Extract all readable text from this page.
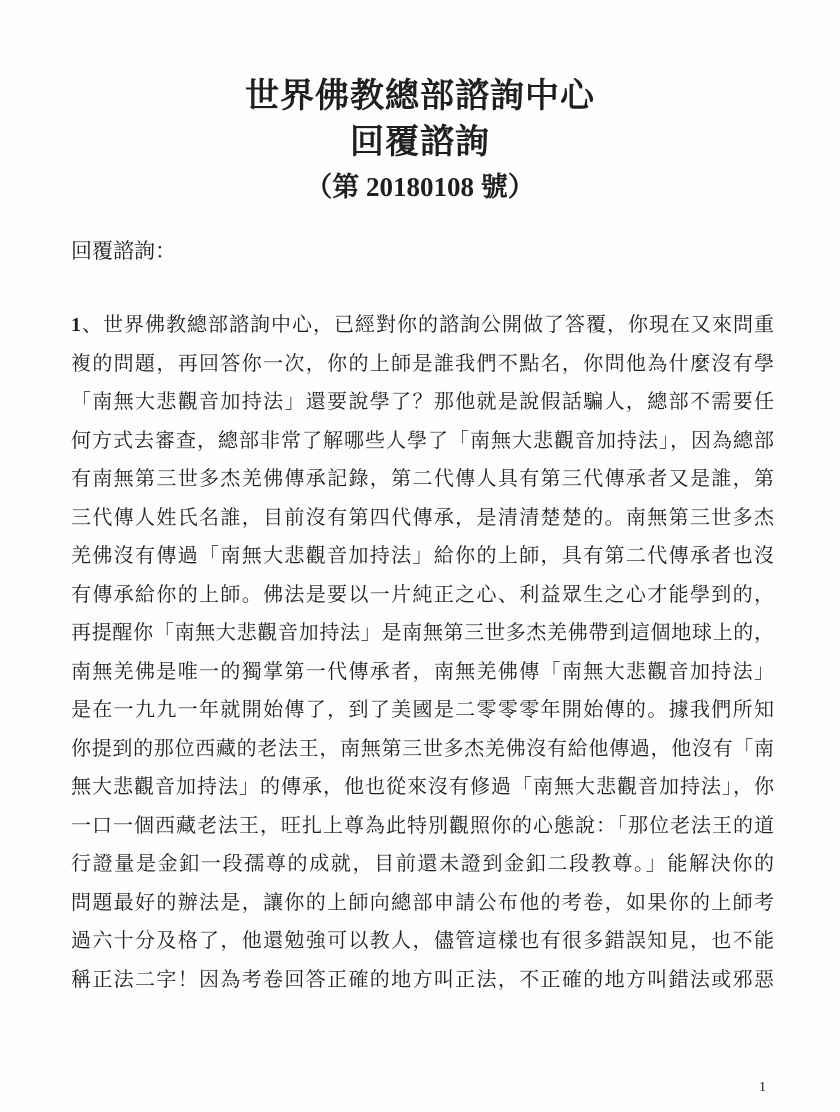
世界佛教總部諮詢中心
回覆諮詢
（第 20180108 號）
回覆諮詢：
1、世界佛教總部諮詢中心，已經對你的諮詢公開做了答覆，你現在又來問重
複的問題，再回答你一次，你的上師是誰我們不點名，你問他為什麼沒有學
「南無大悲觀音加持法」還要說學了？那他就是說假話騙人，總部不需要任
何方式去審查，總部非常了解哪些人學了「南無大悲觀音加持法」，因為總部
有南無第三世多杰羌佛傳承記錄，第二代傳人具有第三代傳承者又是誰，第
三代傳人姓氏名誰，目前沒有第四代傳承，是清清楚楚的。南無第三世多杰
羌佛沒有傳過「南無大悲觀音加持法」給你的上師，具有第二代傳承者也沒
有傳承給你的上師。佛法是要以一片純正之心、利益眾生之心才能學到的，
再提醒你「南無大悲觀音加持法」是南無第三世多杰羌佛帶到這個地球上的，
南無羌佛是唯一的獨掌第一代傳承者，南無羌佛傳「南無大悲觀音加持法」
是在一九九一年就開始傳了，到了美國是二零零零年開始傳的。據我們所知
你提到的那位西藏的老法王，南無第三世多杰羌佛沒有給他傳過，他沒有「南
無大悲觀音加持法」的傳承，他也從來沒有修過「南無大悲觀音加持法」，你
一口一個西藏老法王，旺扎上尊為此特別觀照你的心態說：「那位老法王的道
行證量是金釦一段孺尊的成就，目前還未證到金釦二段教尊。」能解決你的
問題最好的辦法是，讓你的上師向總部申請公布他的考卷，如果你的上師考
過六十分及格了，他還勉強可以教人，儘管這樣也有很多錯誤知見，也不能
稱正法二字！因為考卷回答正確的地方叫正法，不正確的地方叫錯法或邪惡
1
